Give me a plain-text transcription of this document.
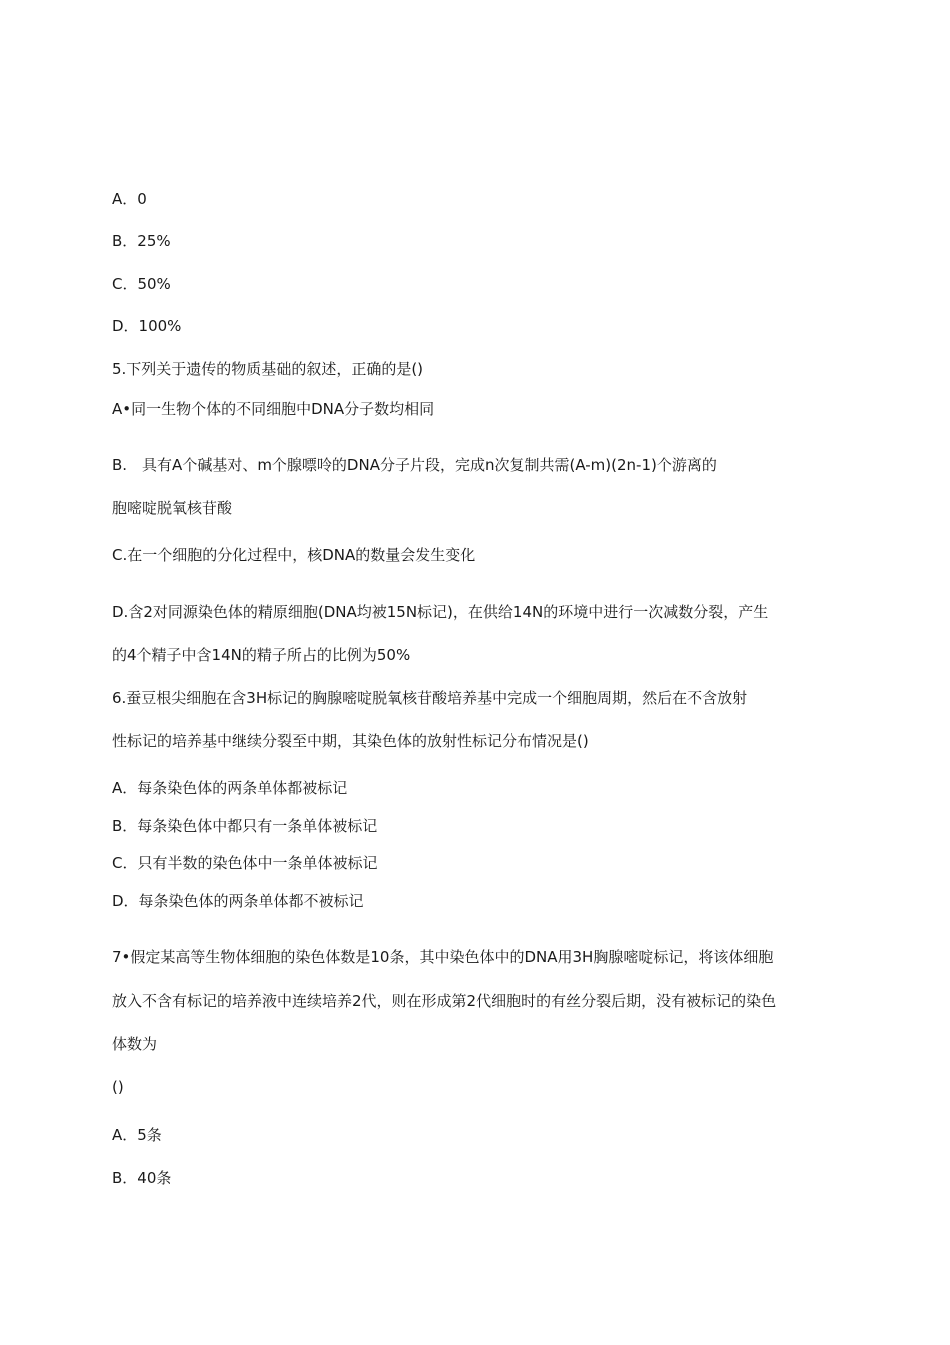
A．0
B．25%
C．50%
D．100%
5.下列关于遗传的物质基础的叙述，正确的是()
A•同一生物个体的不同细胞中DNA分子数均相同
B.　具有A个碱基对、m个腺嘌呤的DNA分子片段，完成n次复制共需(A-m)(2n-1)个游离的
胞嘧啶脱氧核苷酸
C.在一个细胞的分化过程中，核DNA的数量会发生变化
D.含2对同源染色体的精原细胞(DNA均被15N标记)，在供给14N的环境中进行一次减数分裂，产生
的4个精子中含14N的精子所占的比例为50%
6.蚕豆根尖细胞在含3H标记的胸腺嘧啶脱氧核苷酸培养基中完成一个细胞周期，然后在不含放射
性标记的培养基中继续分裂至中期，其染色体的放射性标记分布情况是()
A．每条染色体的两条单体都被标记
B．每条染色体中都只有一条单体被标记
C．只有半数的染色体中一条单体被标记
D．每条染色体的两条单体都不被标记
7•假定某高等生物体细胞的染色体数是10条，其中染色体中的DNA用3H胸腺嘧啶标记，将该体细胞
放入不含有标记的培养液中连续培养2代，则在形成第2代细胞时的有丝分裂后期，没有被标记的染色
体数为
()
A．5条
B．40条
